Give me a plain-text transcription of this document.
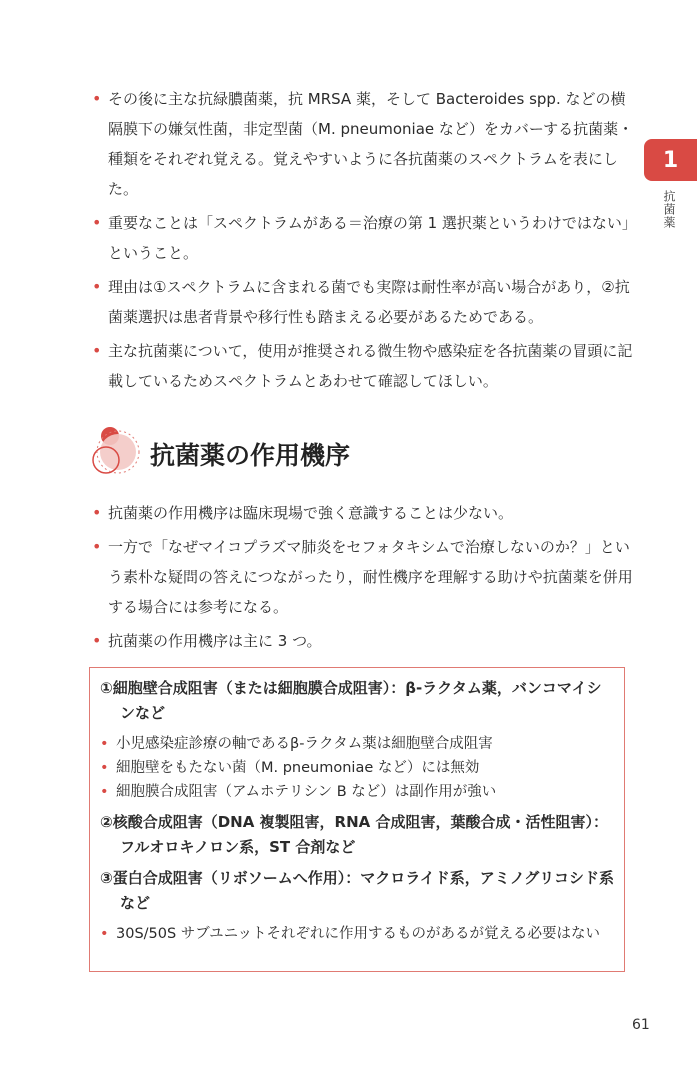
1
抗菌薬
• その後に主な抗緑膿菌薬，抗 MRSA 薬，そして Bacteroides spp. などの横隔膜下の嫌気性菌，非定型菌（M. pneumoniae など）をカバーする抗菌薬・種類をそれぞれ覚える。覚えやすいように各抗菌薬のスペクトラムを表にした。
• 重要なことは「スペクトラムがある＝治療の第 1 選択薬というわけではない」ということ。
• 理由は①スペクトラムに含まれる菌でも実際は耐性率が高い場合があり，②抗菌薬選択は患者背景や移行性も踏まえる必要があるためである。
• 主な抗菌薬について，使用が推奨される微生物や感染症を各抗菌薬の冒頭に記載しているためスペクトラムとあわせて確認してほしい。
抗菌薬の作用機序
• 抗菌薬の作用機序は臨床現場で強く意識することは少ない。
• 一方で「なぜマイコプラズマ肺炎をセフォタキシムで治療しないのか？」という素朴な疑問の答えにつながったり，耐性機序を理解する助けや抗菌薬を併用する場合には参考になる。
• 抗菌薬の作用機序は主に 3 つ。
①細胞壁合成阻害（または細胞膜合成阻害）：β-ラクタム薬，バンコマイシンなど
• 小児感染症診療の軸であるβ-ラクタム薬は細胞壁合成阻害
• 細胞壁をもたない菌（M. pneumoniae など）には無効
• 細胞膜合成阻害（アムホテリシン B など）は副作用が強い
②核酸合成阻害（DNA 複製阻害，RNA 合成阻害，葉酸合成・活性阻害）：フルオロキノロン系，ST 合剤など
③蛋白合成阻害（リボソームへ作用）：マクロライド系，アミノグリコシド系など
• 30S/50S サブユニットそれぞれに作用するものがあるが覚える必要はない
61
